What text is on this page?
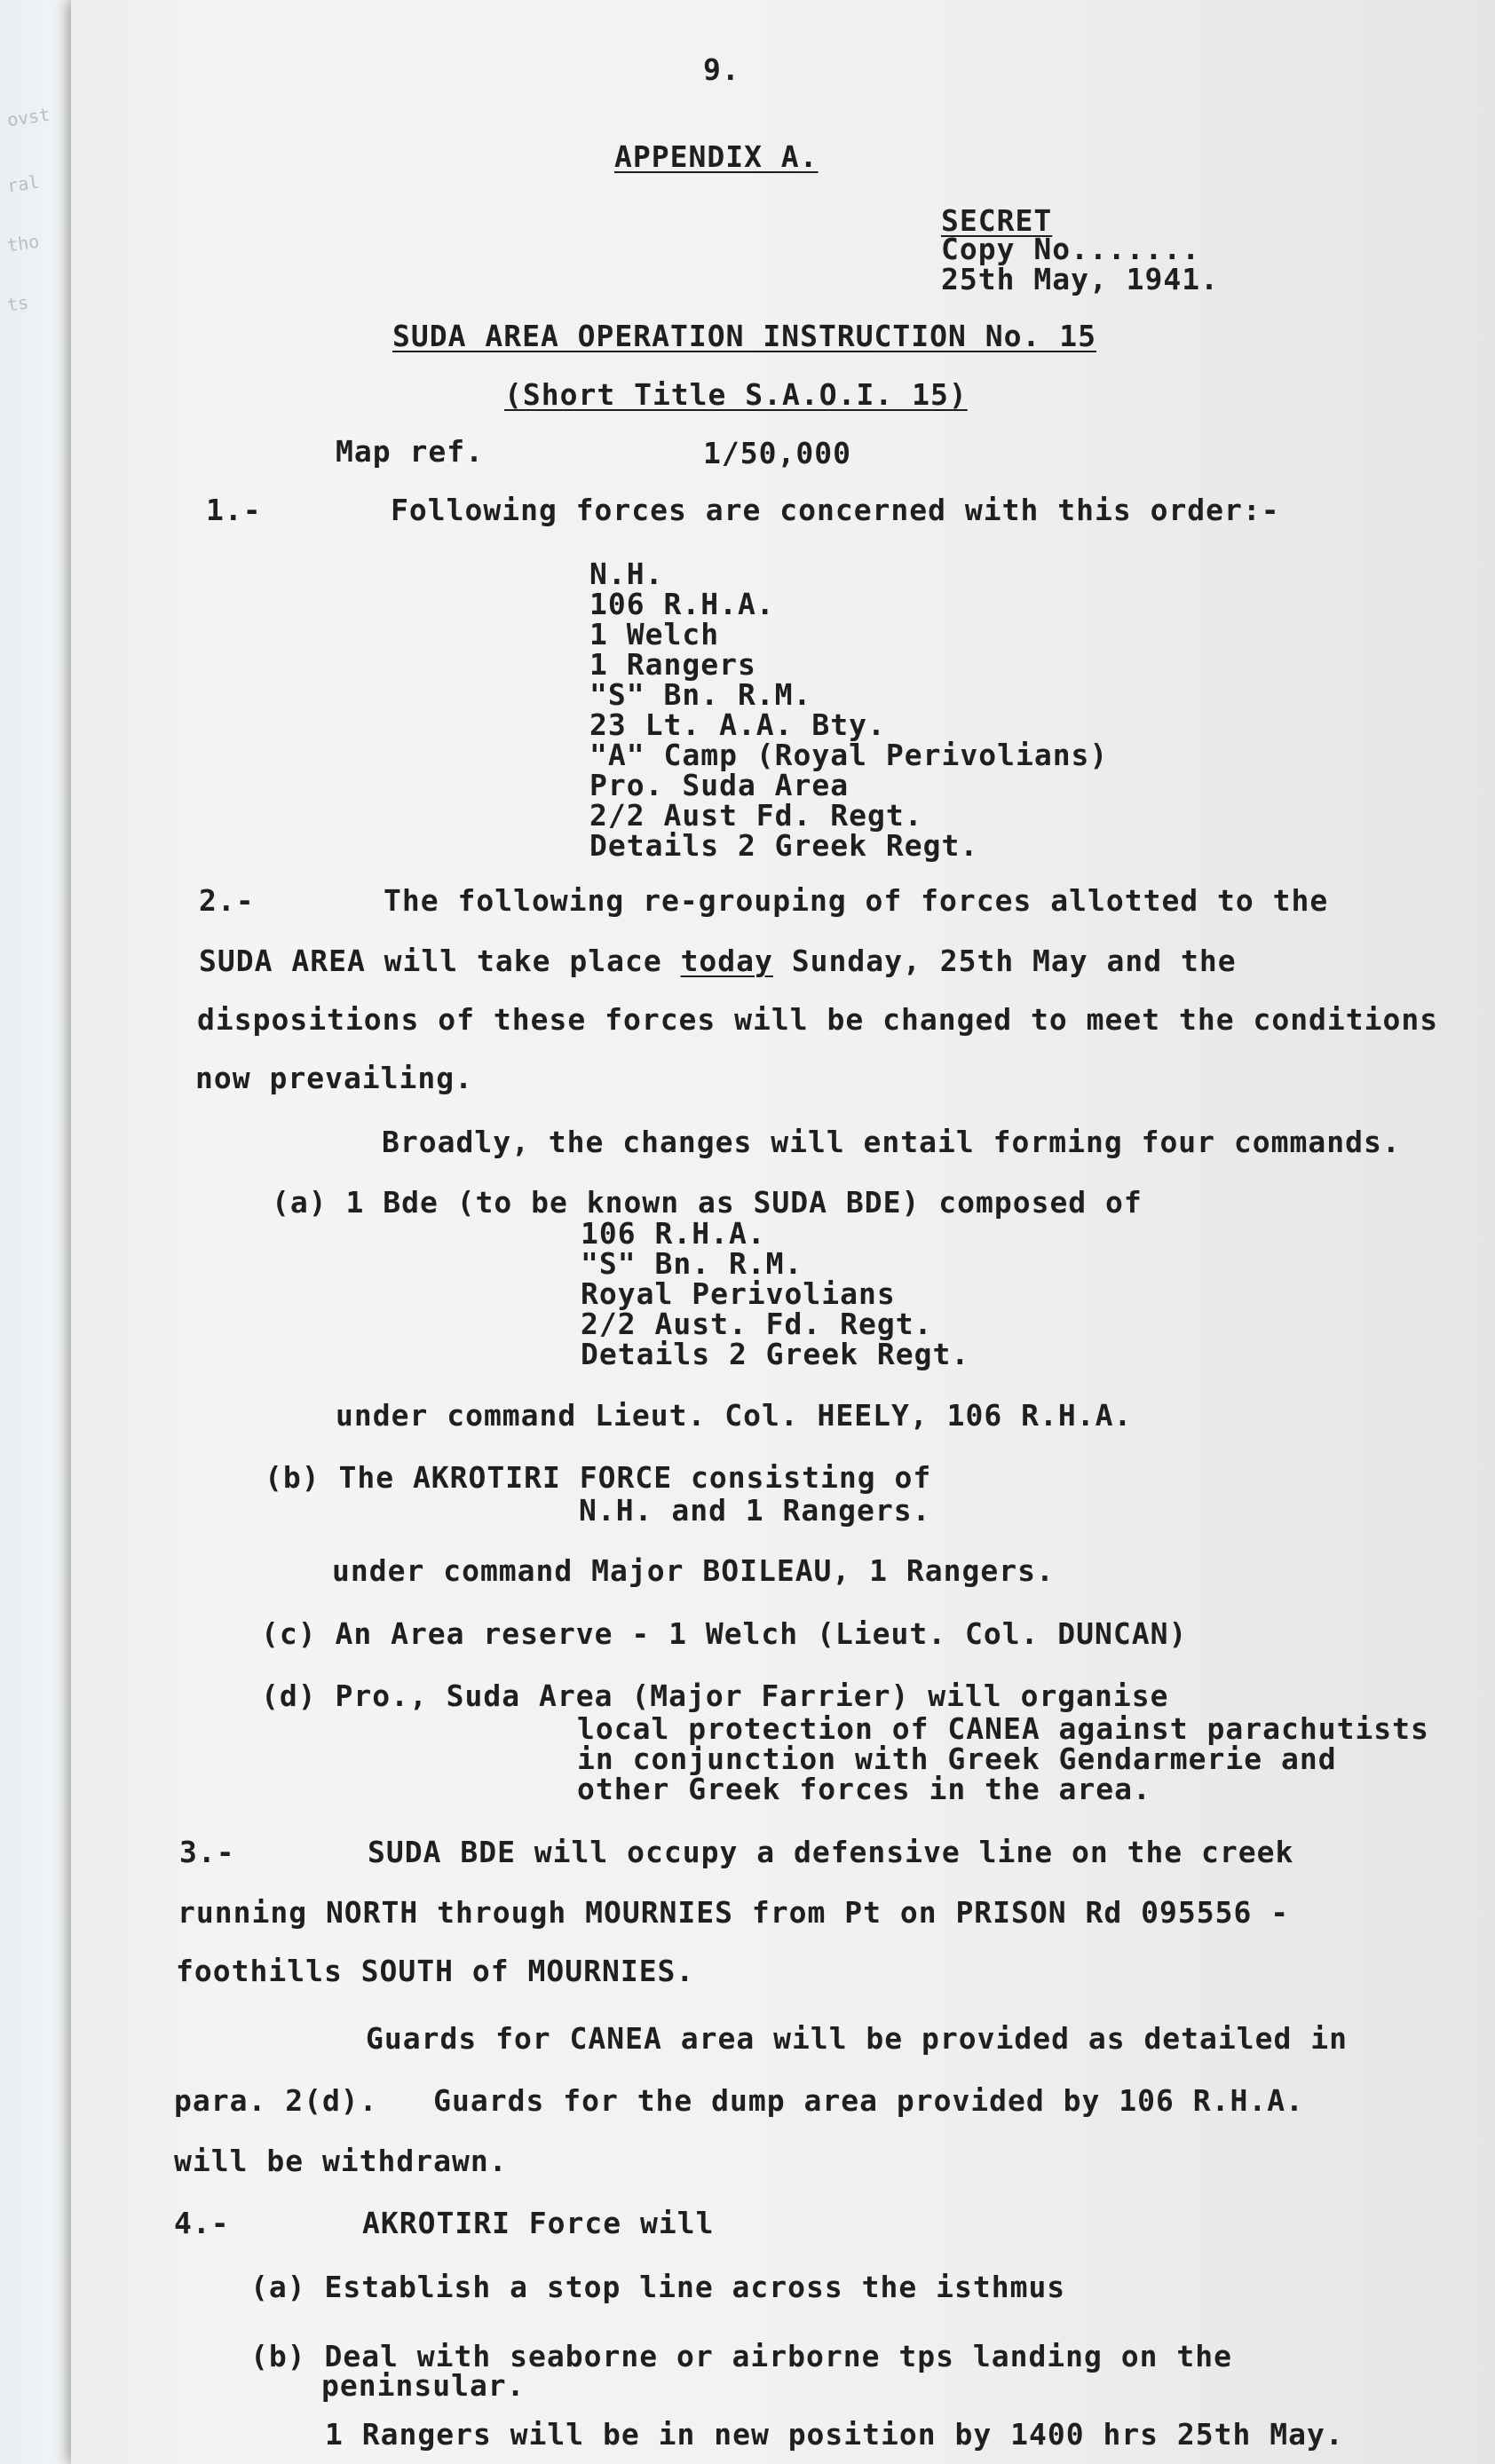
ovst
ral
tho
ts
9.
APPENDIX A.
SECRET
Copy No.......
25th May, 1941.
SUDA AREA OPERATION INSTRUCTION No. 15
(Short Title S.A.O.I. 15)
Map ref.	1/50,000
1.-	Following forces are concerned with this order:-
N.H.
106 R.H.A.
1 Welch
1 Rangers
"S" Bn. R.M.
23 Lt. A.A. Bty.
"A" Camp (Royal Perivolians)
Pro. Suda Area
2/2 Aust Fd. Regt.
Details 2 Greek Regt.
2.-	The following re-grouping of forces allotted to the
SUDA AREA will take place today Sunday, 25th May and the
dispositions of these forces will be changed to meet the conditions
now prevailing.
Broadly, the changes will entail forming four commands.
(a) 1 Bde (to be known as SUDA BDE) composed of
106 R.H.A.
"S" Bn. R.M.
Royal Perivolians
2/2 Aust. Fd. Regt.
Details 2 Greek Regt.
under command Lieut. Col. HEELY, 106 R.H.A.
(b) The AKROTIRI FORCE consisting of
N.H. and 1 Rangers.
under command Major BOILEAU, 1 Rangers.
(c) An Area reserve - 1 Welch (Lieut. Col. DUNCAN)
(d) Pro., Suda Area (Major Farrier) will organise
local protection of CANEA against parachutists
in conjunction with Greek Gendarmerie and
other Greek forces in the area.
3.-	SUDA BDE will occupy a defensive line on the creek
running NORTH through MOURNIES from Pt on PRISON Rd 095556 -
foothills SOUTH of MOURNIES.
Guards for CANEA area will be provided as detailed in
para. 2(d).   Guards for the dump area provided by 106 R.H.A.
will be withdrawn.
4.-	AKROTIRI Force will
(a) Establish a stop line across the isthmus
(b) Deal with seaborne or airborne tps landing on the
peninsular.
1 Rangers will be in new position by 1400 hrs 25th May.
